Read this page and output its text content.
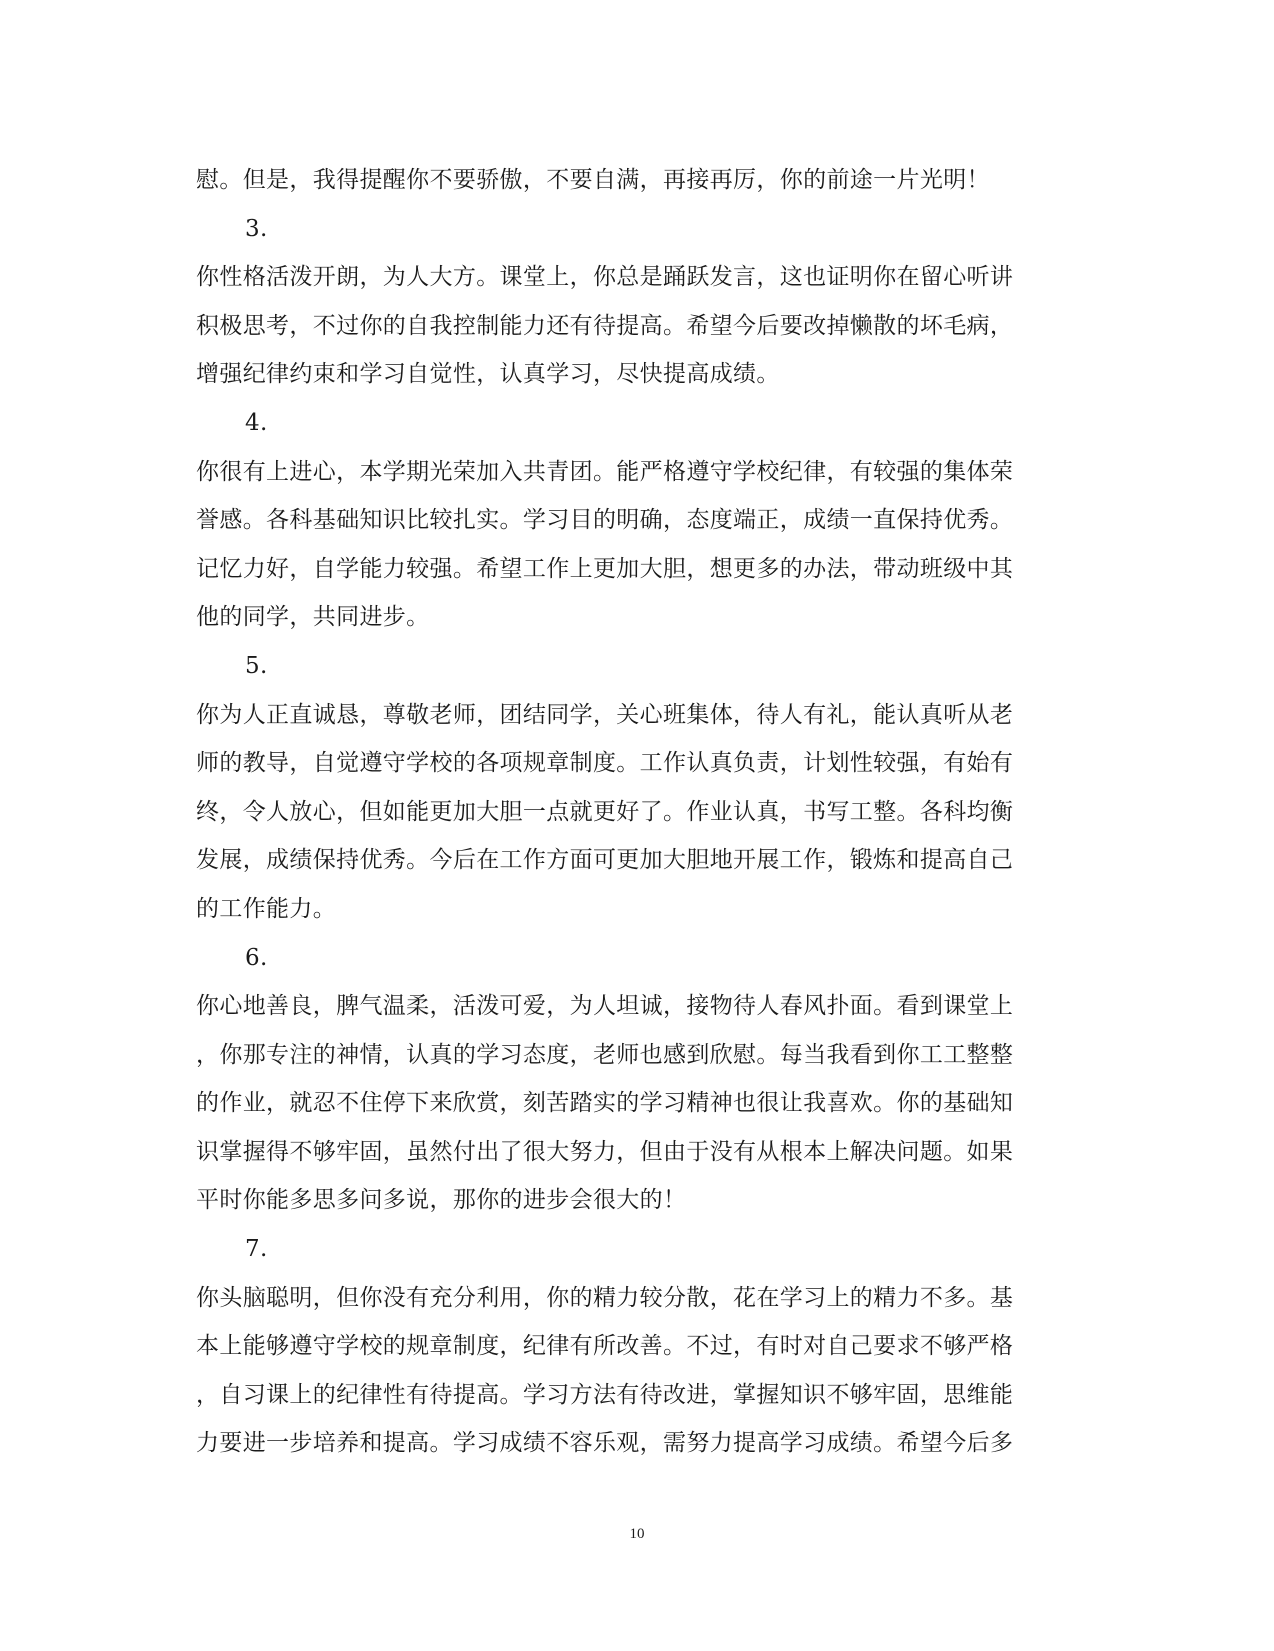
慰。但是，我得提醒你不要骄傲，不要自满，再接再厉，你的前途一片光明！
3.
你性格活泼开朗，为人大方。课堂上，你总是踊跃发言，这也证明你在留心听讲
积极思考，不过你的自我控制能力还有待提高。希望今后要改掉懒散的坏毛病，
增强纪律约束和学习自觉性，认真学习，尽快提高成绩。
4.
你很有上进心，本学期光荣加入共青团。能严格遵守学校纪律，有较强的集体荣
誉感。各科基础知识比较扎实。学习目的明确，态度端正，成绩一直保持优秀。
记忆力好，自学能力较强。希望工作上更加大胆，想更多的办法，带动班级中其
他的同学，共同进步。
5.
你为人正直诚恳，尊敬老师，团结同学，关心班集体，待人有礼，能认真听从老
师的教导，自觉遵守学校的各项规章制度。工作认真负责，计划性较强，有始有
终，令人放心，但如能更加大胆一点就更好了。作业认真，书写工整。各科均衡
发展，成绩保持优秀。今后在工作方面可更加大胆地开展工作，锻炼和提高自己
的工作能力。
6.
你心地善良，脾气温柔，活泼可爱，为人坦诚，接物待人春风扑面。看到课堂上
，你那专注的神情，认真的学习态度，老师也感到欣慰。每当我看到你工工整整
的作业，就忍不住停下来欣赏，刻苦踏实的学习精神也很让我喜欢。你的基础知
识掌握得不够牢固，虽然付出了很大努力，但由于没有从根本上解决问题。如果
平时你能多思多问多说，那你的进步会很大的！
7.
你头脑聪明，但你没有充分利用，你的精力较分散，花在学习上的精力不多。基
本上能够遵守学校的规章制度，纪律有所改善。不过，有时对自己要求不够严格
，自习课上的纪律性有待提高。学习方法有待改进，掌握知识不够牢固，思维能
力要进一步培养和提高。学习成绩不容乐观，需努力提高学习成绩。希望今后多
10
